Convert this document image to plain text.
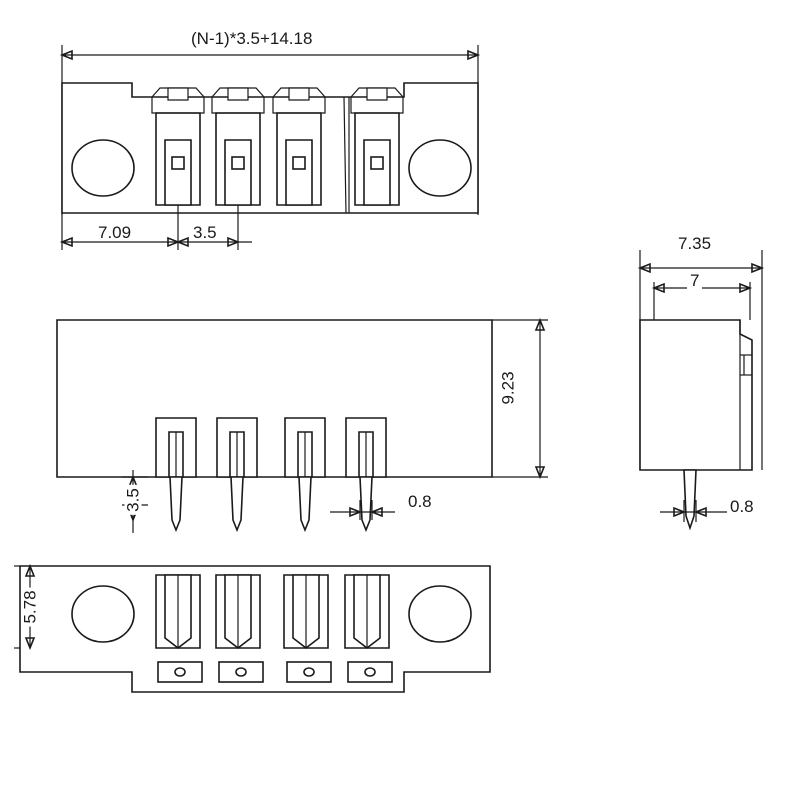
(N-1)*3.5+14.18
7.09	3.5
9.23
3.5	0.8
7.35
7
0.8
5.78
